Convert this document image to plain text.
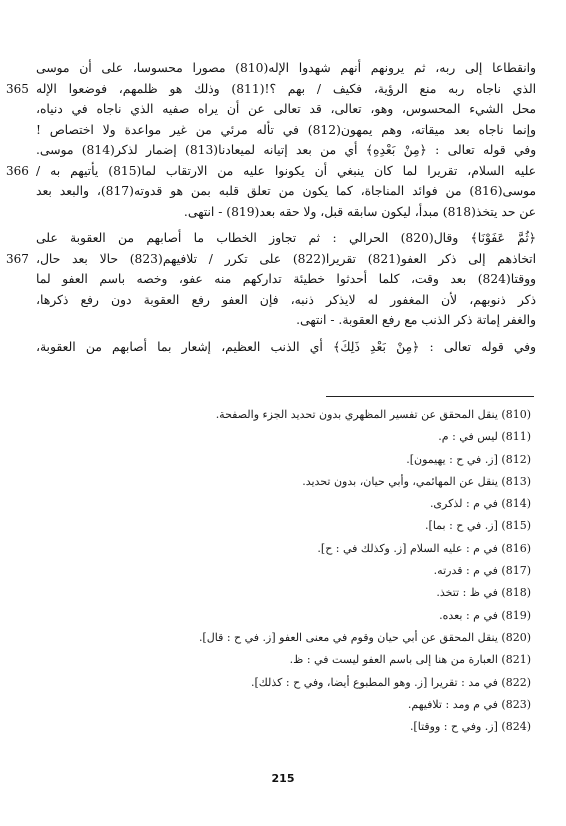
وانقطاعا إلى ربه، ثم يرونهم أنهم شهدوا الإله(810) مصورا محسوسا، على أن موسى
الذي ناجاه ربه منع الرؤية، فكيف / بهم ؟!(811) وذلك هو ظلمهم، فوضعوا الإله
365
محل الشيء المحسوس، وهو، تعالى، قد تعالى عن أن يراه صفيه الذي ناجاه في دنياه،
وإنما ناجاه بعد ميقاته، وهم يمهون(812) في تأله مرئي من غير مواعدة ولا اختصاص !
وفي قوله تعالى : ﴿مِنْ بَعْدِهِ﴾ أي من بعد إتيانه لميعادنا(813) إضمار لذكر(814) موسى.
عليه السلام، تقريرا لما كان ينبغي أن يكونوا عليه من الارتقاب لما(815) يأتيهم به /
366
موسى(816) من فوائد المناجاة، كما يكون من تعلق قلبه بمن هو قدوته(817)، والبعد بعد
عن حد يتخذ(818) مبدأ، ليكون سابقه قبل، ولا حقه بعد(819) - انتهى.
﴿ثُمَّ عَفَوْنَا﴾ وقال(820) الحرالي : ثم تجاوز الخطاب ما أصابهم من العقوبة على
اتخاذهم إلى ذكر العفو(821) تقريرا(822) على تكرر / تلافيهم(823) حالا بعد حال،
367
ووقتا(824) بعد وقت، كلما أحدثوا خطيئة تداركهم منه عفو، وخصه باسم العفو لما
ذكر ذنوبهم، لأن المغفور له لايذكر ذنبه، فإن العفو رفع العقوبة دون رفع ذكرها،
والغفر إماتة ذكر الذنب مع رفع العقوبة. - انتهى.
وفي قوله تعالى : ﴿مِنْ بَعْدِ ذَلِكَ﴾ أي الذنب العظيم، إشعار بما أصابهم من العقوبة،
(810) ينقل المحقق عن تفسير المظهري بدون تحديد الجزء والصفحة.
(811) ليس في : م.
(812) [ز. في ح : يهيمون].
(813) ينقل عن المهائمي، وأبي حيان، بدون تحديد.
(814) في م : لذكرى.
(815) [ز. في ح : بما].
(816) في م : عليه السلام [ز. وكذلك في : ح].
(817) في م : قدرته.
(818) في ظ : تتخذ.
(819) في م : بعده.
(820) ينقل المحقق عن أبي حيان وقوم في معنى العفو [ز. في ح : قال].
(821) العبارة من هنا إلى باسم العفو ليست في : ظ.
(822) في مد : تقريرا [ز. وهو المطبوع أيضا، وفي ح : كذلك].
(823) في م ومد : تلافيهم.
(824) [ز. وفي ح : ووقتا].
215
